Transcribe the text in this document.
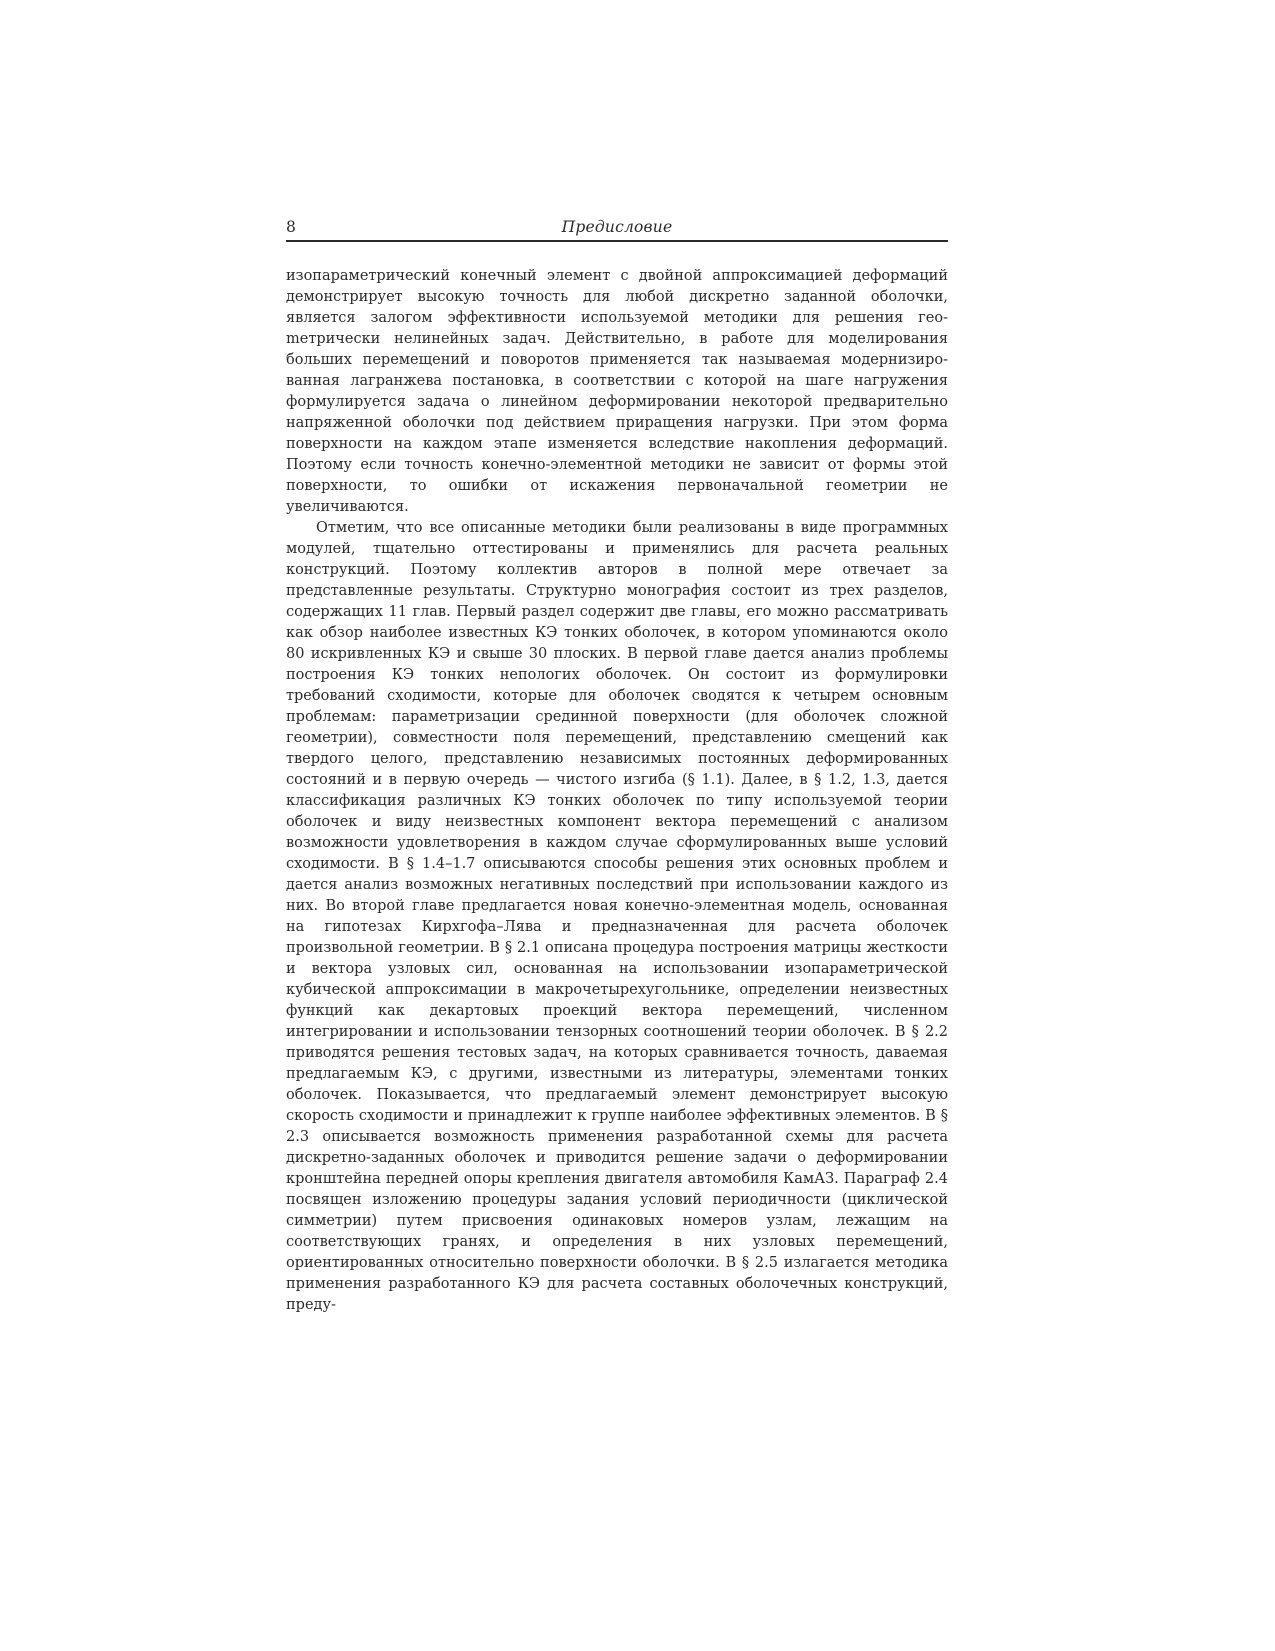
8	Предисловие

изопараметрический конечный элемент с двойной аппроксимацией деформаций демонстрирует высокую точность для любой дискретно заданной оболочки, является залогом эффективности используемой методики для решения геоmетрически нелинейных задач. Действительно, в работе для моделирования больших перемещений и поворотов применяется так называемая модернизированная лагранжева постановка, в соответствии с которой на шаге нагружения формулируется задача о линейном деформировании некоторой предварительно напряженной оболочки под действием приращения нагрузки. При этом форма поверхности на каждом этапе изменяется вследствие накопления деформаций. Поэтому если точность конечно-элементной методики не зависит от формы этой поверхности, то ошибки от искажения первоначальной геометрии не увеличиваются.

Отметим, что все описанные методики были реализованы в виде программных модулей, тщательно оттестированы и применялись для расчета реальных конструкций. Поэтому коллектив авторов в полной мере отвечает за представленные результаты. Структурно монография состоит из трех разделов, содержащих 11 глав. Первый раздел содержит две главы, его можно рассматривать как обзор наиболее известных КЭ тонких оболочек, в котором упоминаются около 80 искривленных КЭ и свыше 30 плоских. В первой главе дается анализ проблемы построения КЭ тонких непологих оболочек. Он состоит из формулировки требований сходимости, которые для оболочек сводятся к четырем основным проблемам: параметризации срединной поверхности (для оболочек сложной геометрии), совместности поля перемещений, представлению смещений как твердого целого, представлению независимых постоянных деформированных состояний и в первую очередь — чистого изгиба (§ 1.1). Далее, в § 1.2, 1.3, дается классификация различных КЭ тонких оболочек по типу используемой теории оболочек и виду неизвестных компонент вектора перемещений с анализом возможности удовлетворения в каждом случае сформулированных выше условий сходимости. В § 1.4–1.7 описываются способы решения этих основных проблем и дается анализ возможных негативных последствий при использовании каждого из них. Во второй главе предлагается новая конечно-элементная модель, основанная на гипотезах Кирхгофа–Лява и предназначенная для расчета оболочек произвольной геометрии. В § 2.1 описана процедура построения матрицы жесткости и вектора узловых сил, основанная на использовании изопараметрической кубической аппроксимации в макрочетырехугольнике, определении неизвестных функций как декартовых проекций вектора перемещений, численном интегрировании и использовании тензорных соотношений теории оболочек. В § 2.2 приводятся решения тестовых задач, на которых сравнивается точность, даваемая предлагаемым КЭ, с другими, известными из литературы, элементами тонких оболочек. Показывается, что предлагаемый элемент демонстрирует высокую скорость сходимости и принадлежит к группе наиболее эффективных элементов. В § 2.3 описывается возможность применения разработанной схемы для расчета дискретно-заданных оболочек и приводится решение задачи о деформировании кронштейна передней опоры крепления двигателя автомобиля КамАЗ. Параграф 2.4 посвящен изложению процедуры задания условий периодичности (циклической симметрии) путем присвоения одинаковых номеров узлам, лежащим на соответствующих гранях, и определения в них узловых перемещений, ориентированных относительно поверхности оболочки. В § 2.5 излагается методика применения разработанного КЭ для расчета составных оболочечных конструкций, преду-
